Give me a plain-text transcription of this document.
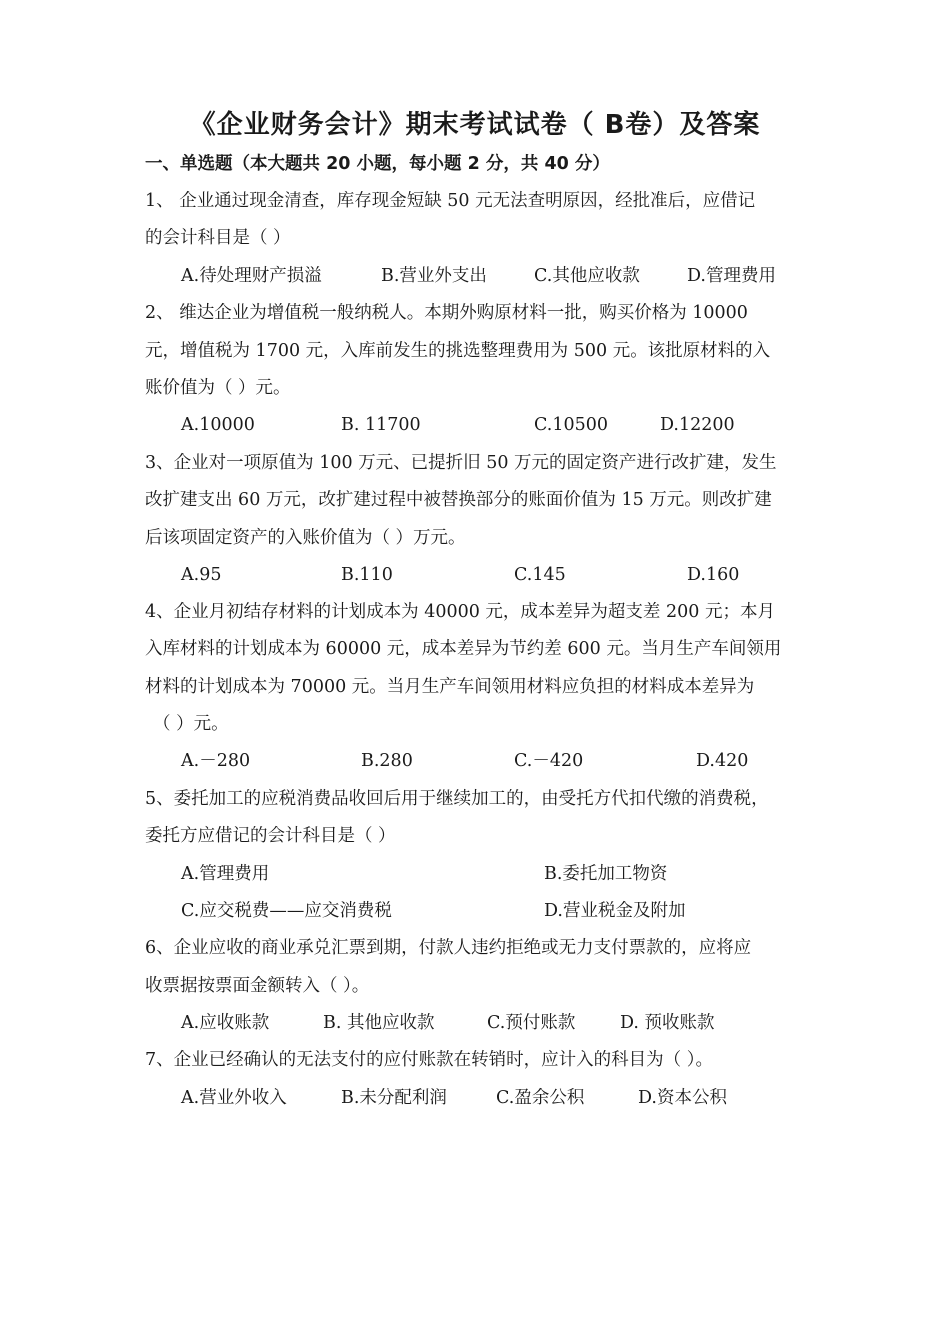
《企业财务会计》期末考试试卷（ B卷）及答案
一、单选题（本大题共 20 小题，每小题 2 分，共 40 分）
1、 企业通过现金清查，库存现金短缺 50 元无法查明原因，经批准后，应借记
的会计科目是（ ）
A.待处理财产损溢	B.营业外支出	C.其他应收款	D.管理费用
2、 维达企业为增值税一般纳税人。本期外购原材料一批，购买价格为 10000
元，增值税为 1700 元，入库前发生的挑选整理费用为 500 元。该批原材料的入
账价值为（ ）元。
A.10000	B. 11700	C.10500	D.12200
3、企业对一项原值为 100 万元、已提折旧 50 万元的固定资产进行改扩建，发生
改扩建支出 60 万元，改扩建过程中被替换部分的账面价值为 15 万元。则改扩建
后该项固定资产的入账价值为（ ）万元。
A.95	B.110	C.145	D.160
4、企业月初结存材料的计划成本为 40000 元，成本差异为超支差 200 元；本月
入库材料的计划成本为 60000 元，成本差异为节约差 600 元。当月生产车间领用
材料的计划成本为 70000 元。当月生产车间领用材料应负担的材料成本差异为
（ ）元。
A.－280	B.280	C.－420	D.420
5、委托加工的应税消费品收回后用于继续加工的，由受托方代扣代缴的消费税，
委托方应借记的会计科目是（ ）
A.管理费用	B.委托加工物资
C.应交税费——应交消费税	D.营业税金及附加
6、企业应收的商业承兑汇票到期，付款人违约拒绝或无力支付票款的，应将应
收票据按票面金额转入（ ）。
A.应收账款	B. 其他应收款	C.预付账款	D. 预收账款
7、企业已经确认的无法支付的应付账款在转销时，应计入的科目为（ ）。
A.营业外收入	B.未分配利润	C.盈余公积	D.资本公积
